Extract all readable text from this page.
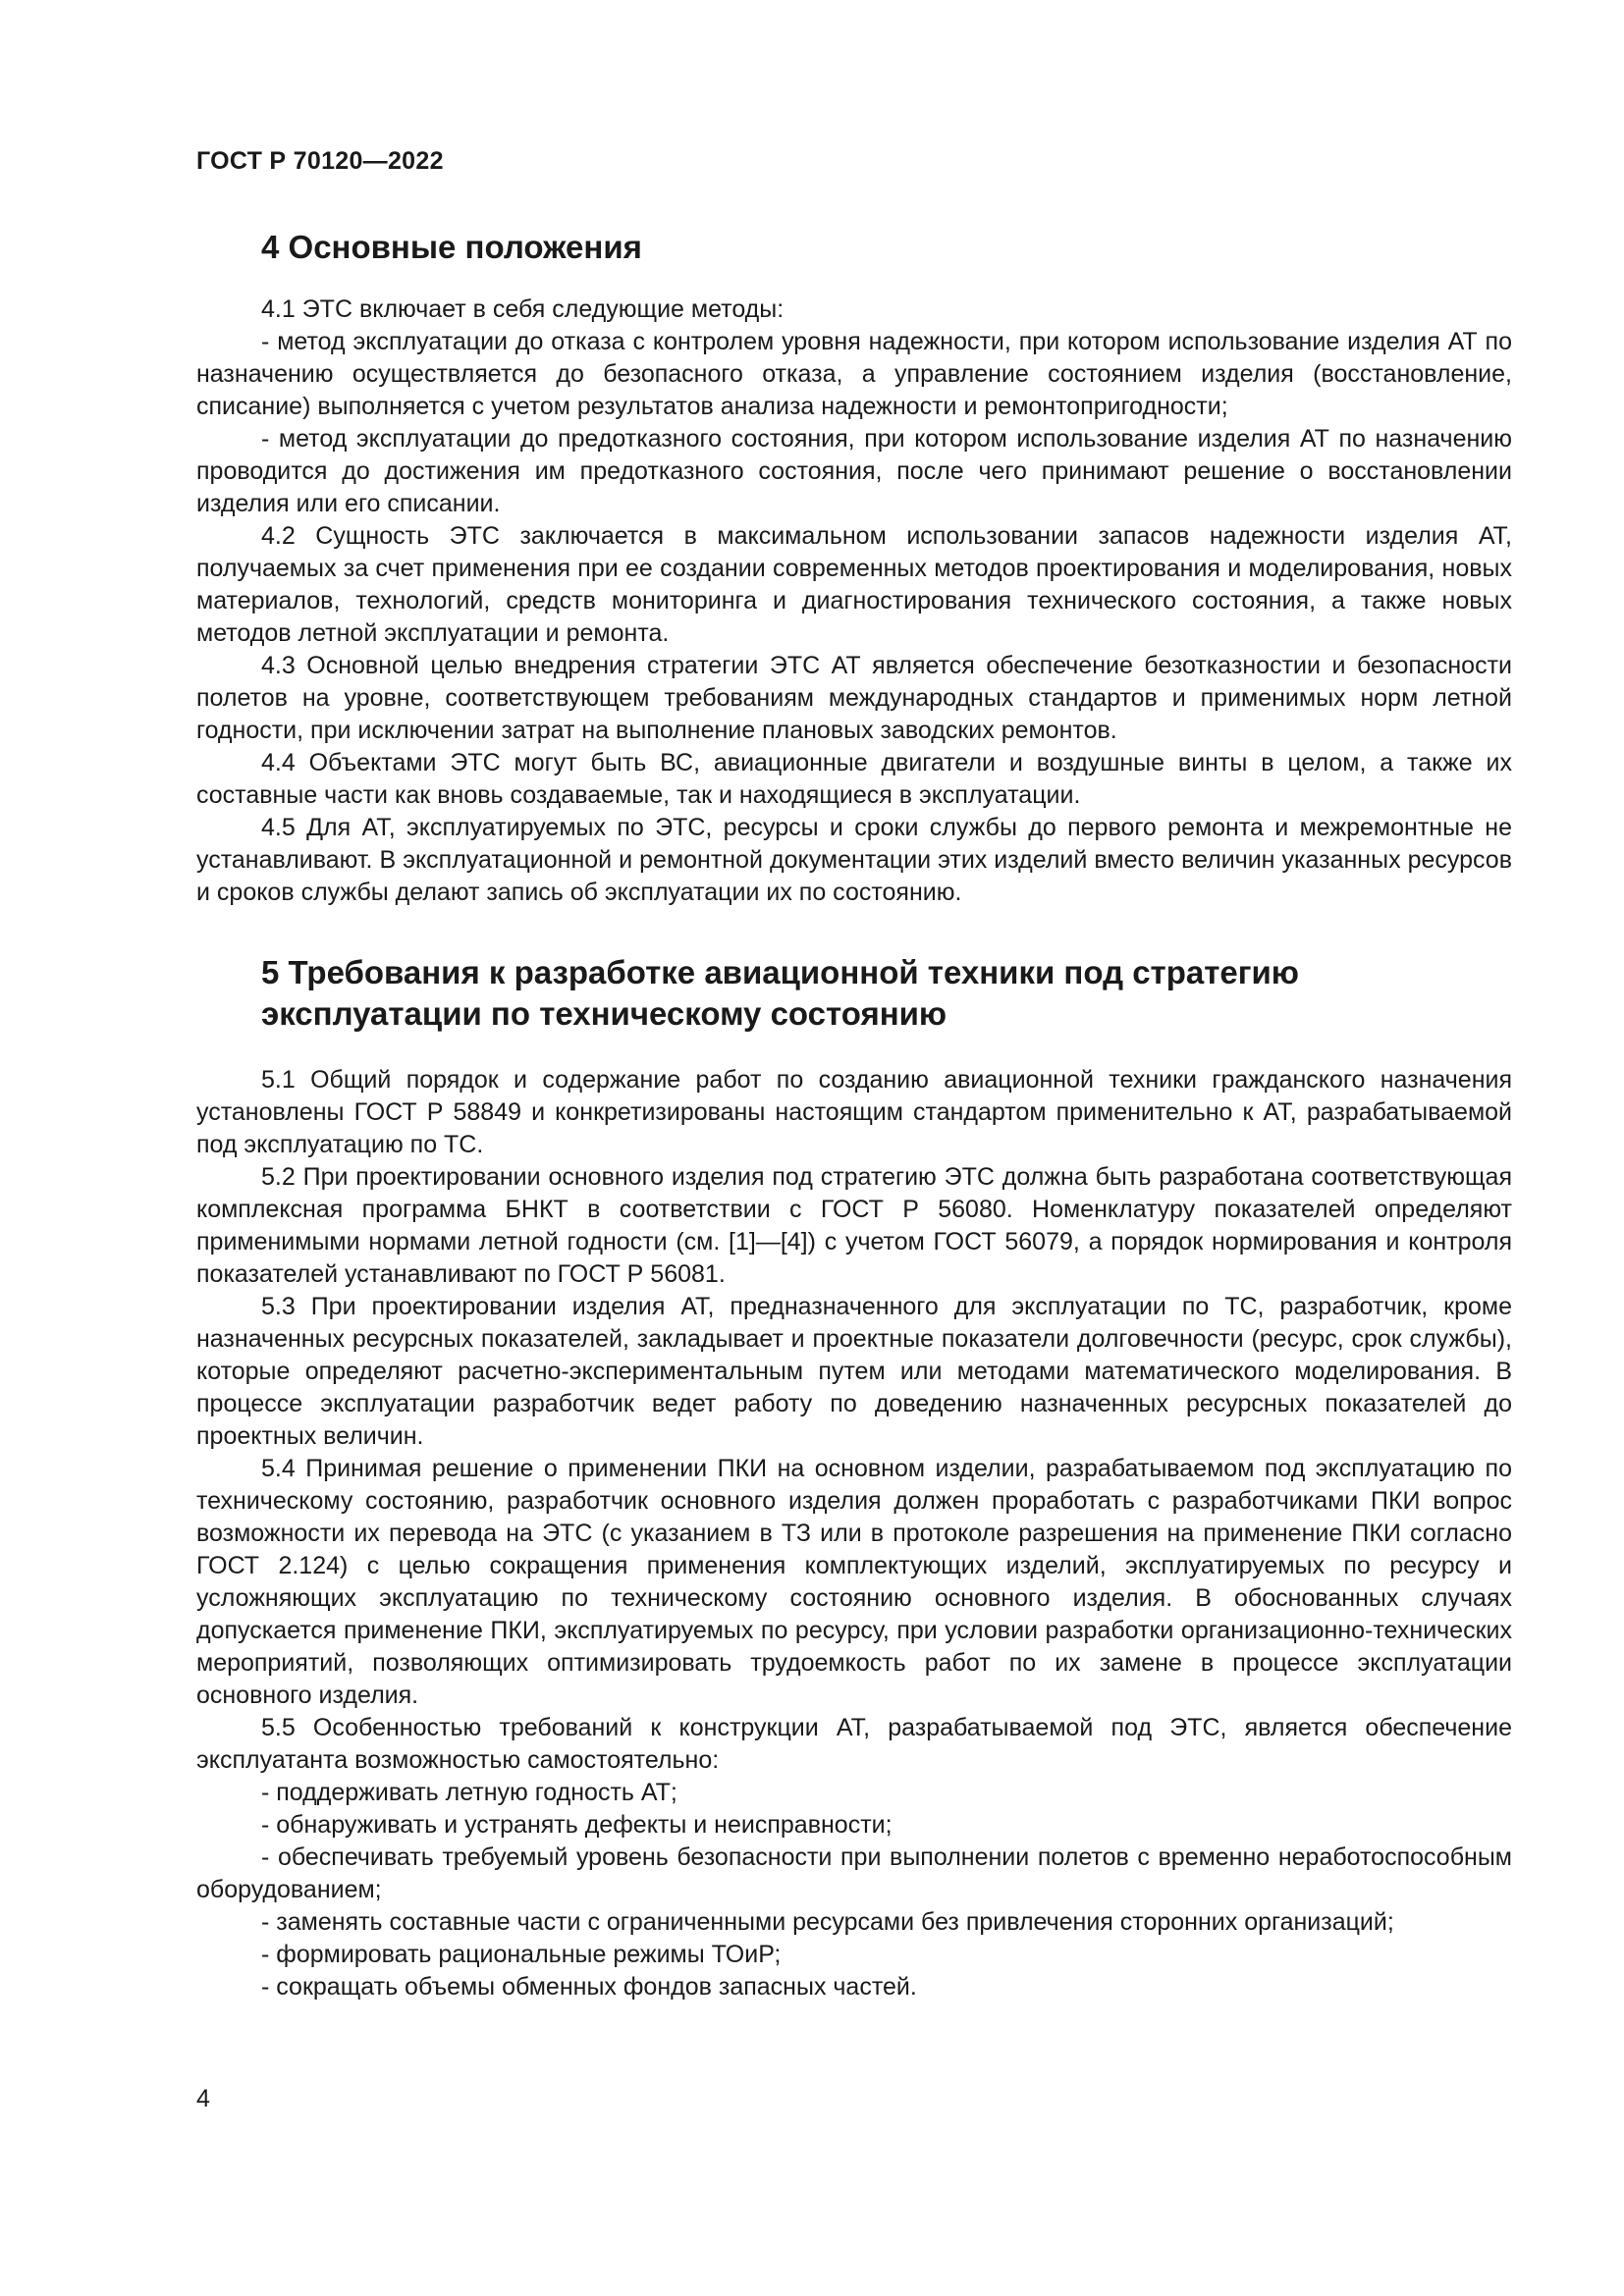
ГОСТ Р 70120—2022
4 Основные положения

4.1 ЭТС включает в себя следующие методы:

- метод эксплуатации до отказа с контролем уровня надежности, при котором использование изделия АТ по назначению осуществляется до безопасного отказа, а управление состоянием изделия (восстановление, списание) выполняется с учетом результатов анализа надежности и ремонтопригодности;

- метод эксплуатации до предотказного состояния, при котором использование изделия АТ по назначению проводится до достижения им предотказного состояния, после чего принимают решение о восстановлении изделия или его списании.

4.2 Сущность ЭТС заключается в максимальном использовании запасов надежности изделия АТ, получаемых за счет применения при ее создании современных методов проектирования и моделирования, новых материалов, технологий, средств мониторинга и диагностирования технического состояния, а также новых методов летной эксплуатации и ремонта.

4.3 Основной целью внедрения стратегии ЭТС АТ является обеспечение безотказностии и безопасности полетов на уровне, соответствующем требованиям международных стандартов и применимых норм летной годности, при исключении затрат на выполнение плановых заводских ремонтов.

4.4 Объектами ЭТС могут быть ВС, авиационные двигатели и воздушные винты в целом, а также их составные части как вновь создаваемые, так и находящиеся в эксплуатации.

4.5 Для АТ, эксплуатируемых по ЭТС, ресурсы и сроки службы до первого ремонта и межремонтные не устанавливают. В эксплуатационной и ремонтной документации этих изделий вместо величин указанных ресурсов и сроков службы делают запись об эксплуатации их по состоянию.

5 Требования к разработке авиационной техники под стратегию эксплуатации по техническому состоянию

5.1 Общий порядок и содержание работ по созданию авиационной техники гражданского назначения установлены ГОСТ Р 58849 и конкретизированы настоящим стандартом применительно к АТ, разрабатываемой под эксплуатацию по ТС.

5.2 При проектировании основного изделия под стратегию ЭТС должна быть разработана соответствующая комплексная программа БНКТ в соответствии с ГОСТ Р 56080. Номенклатуру показателей определяют применимыми нормами летной годности (см. [1]—[4]) с учетом ГОСТ 56079, а порядок нормирования и контроля показателей устанавливают по ГОСТ Р 56081.

5.3 При проектировании изделия АТ, предназначенного для эксплуатации по ТС, разработчик, кроме назначенных ресурсных показателей, закладывает и проектные показатели долговечности (ресурс, срок службы), которые определяют расчетно-экспериментальным путем или методами математического моделирования. В процессе эксплуатации разработчик ведет работу по доведению назначенных ресурсных показателей до проектных величин.

5.4 Принимая решение о применении ПКИ на основном изделии, разрабатываемом под эксплуатацию по техническому состоянию, разработчик основного изделия должен проработать с разработчиками ПКИ вопрос возможности их перевода на ЭТС (с указанием в ТЗ или в протоколе разрешения на применение ПКИ согласно ГОСТ 2.124) с целью сокращения применения комплектующих изделий, эксплуатируемых по ресурсу и усложняющих эксплуатацию по техническому состоянию основного изделия. В обоснованных случаях допускается применение ПКИ, эксплуатируемых по ресурсу, при условии разработки организационно-технических мероприятий, позволяющих оптимизировать трудоемкость работ по их замене в процессе эксплуатации основного изделия.

5.5 Особенностью требований к конструкции АТ, разрабатываемой под ЭТС, является обеспечение эксплуатанта возможностью самостоятельно:

- поддерживать летную годность АТ;

- обнаруживать и устранять дефекты и неисправности;

- обеспечивать требуемый уровень безопасности при выполнении полетов с временно неработоспособным оборудованием;

- заменять составные части с ограниченными ресурсами без привлечения сторонних организаций;

- формировать рациональные режимы ТОиР;

- сокращать объемы обменных фондов запасных частей.

4
